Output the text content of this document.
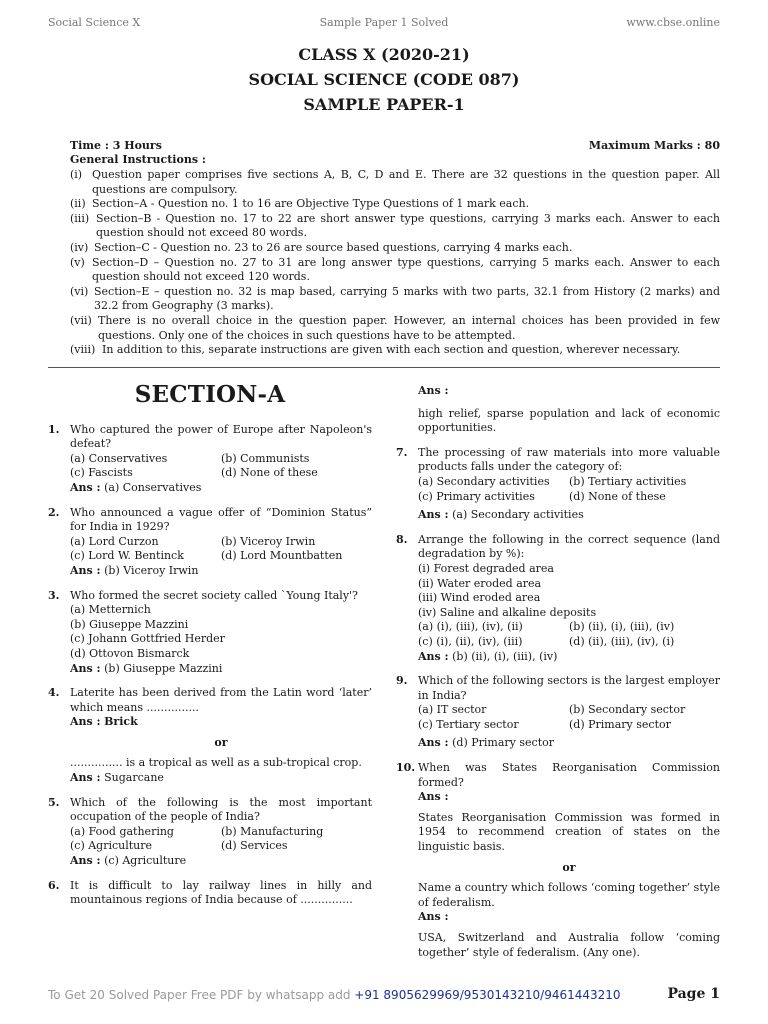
Social Science X	Sample Paper 1 Solved	www.cbse.online
CLASS X (2020-21)
SOCIAL SCIENCE (CODE 087)
SAMPLE PAPER-1
Time : 3 Hours	Maximum Marks : 80
General Instructions :
(i) Question paper comprises five sections A, B, C, D and E. There are 32 questions in the question paper. All questions are compulsory.
(ii) Section–A - Question no. 1 to 16 are Objective Type Questions of 1 mark each.
(iii) Section–B - Question no. 17 to 22 are short answer type questions, carrying 3 marks each. Answer to each question should not exceed 80 words.
(iv) Section–C - Question no. 23 to 26 are source based questions, carrying 4 marks each.
(v) Section–D – Question no. 27 to 31 are long answer type questions, carrying 5 marks each. Answer to each question should not exceed 120 words.
(vi) Section–E – question no. 32 is map based, carrying 5 marks with two parts, 32.1 from History (2 marks) and 32.2 from Geography (3 marks).
(vii) There is no overall choice in the question paper. However, an internal choices has been provided in few questions. Only one of the choices in such questions have to be attempted.
(viii) In addition to this, separate instructions are given with each section and question, wherever necessary.
SECTION-A
1. Who captured the power of Europe after Napoleon's defeat?
(a) Conservatives	(b) Communists
(c) Fascists	(d) None of these
Ans : (a) Conservatives
2. Who announced a vague offer of “Dominion Status” for India in 1929?
(a) Lord Curzon	(b) Viceroy Irwin
(c) Lord W. Bentinck	(d) Lord Mountbatten
Ans : (b) Viceroy Irwin
3. Who formed the secret society called `Young Italy'?
(a) Metternich
(b) Giuseppe Mazzini
(c) Johann Gottfried Herder
(d) Ottovon Bismarck
Ans : (b) Giuseppe Mazzini
4. Laterite has been derived from the Latin word ‘later’ which means ...............
Ans : Brick
or
............... is a tropical as well as a sub-tropical crop.
Ans : Sugarcane
5. Which of the following is the most important occupation of the people of India?
(a) Food gathering	(b) Manufacturing
(c) Agriculture	(d) Services
Ans : (c) Agriculture
6. It is difficult to lay railway lines in hilly and mountainous regions of India because of ...............
Ans :
high relief, sparse population and lack of economic opportunities.
7. The processing of raw materials into more valuable products falls under the category of:
(a) Secondary activities	(b) Tertiary activities
(c) Primary activities	(d) None of these
Ans : (a) Secondary activities
8. Arrange the following in the correct sequence (land degradation by %):
(i) Forest degraded area
(ii) Water eroded area
(iii) Wind eroded area
(iv) Saline and alkaline deposits
(a) (i), (iii), (iv), (ii)	(b) (ii), (i), (iii), (iv)
(c) (i), (ii), (iv), (iii)	(d) (ii), (iii), (iv), (i)
Ans : (b) (ii), (i), (iii), (iv)
9. Which of the following sectors is the largest employer in India?
(a) IT sector	(b) Secondary sector
(c) Tertiary sector	(d) Primary sector
Ans : (d) Primary sector
10. When was States Reorganisation Commission formed?
Ans :
States Reorganisation Commission was formed in 1954 to recommend creation of states on the linguistic basis.
or
Name a country which follows ‘coming together’ style of federalism.
Ans :
USA, Switzerland and Australia follow ‘coming together’ style of federalism. (Any one).
To Get 20 Solved Paper Free PDF by whatsapp add +91 8905629969/9530143210/9461443210	Page 1
